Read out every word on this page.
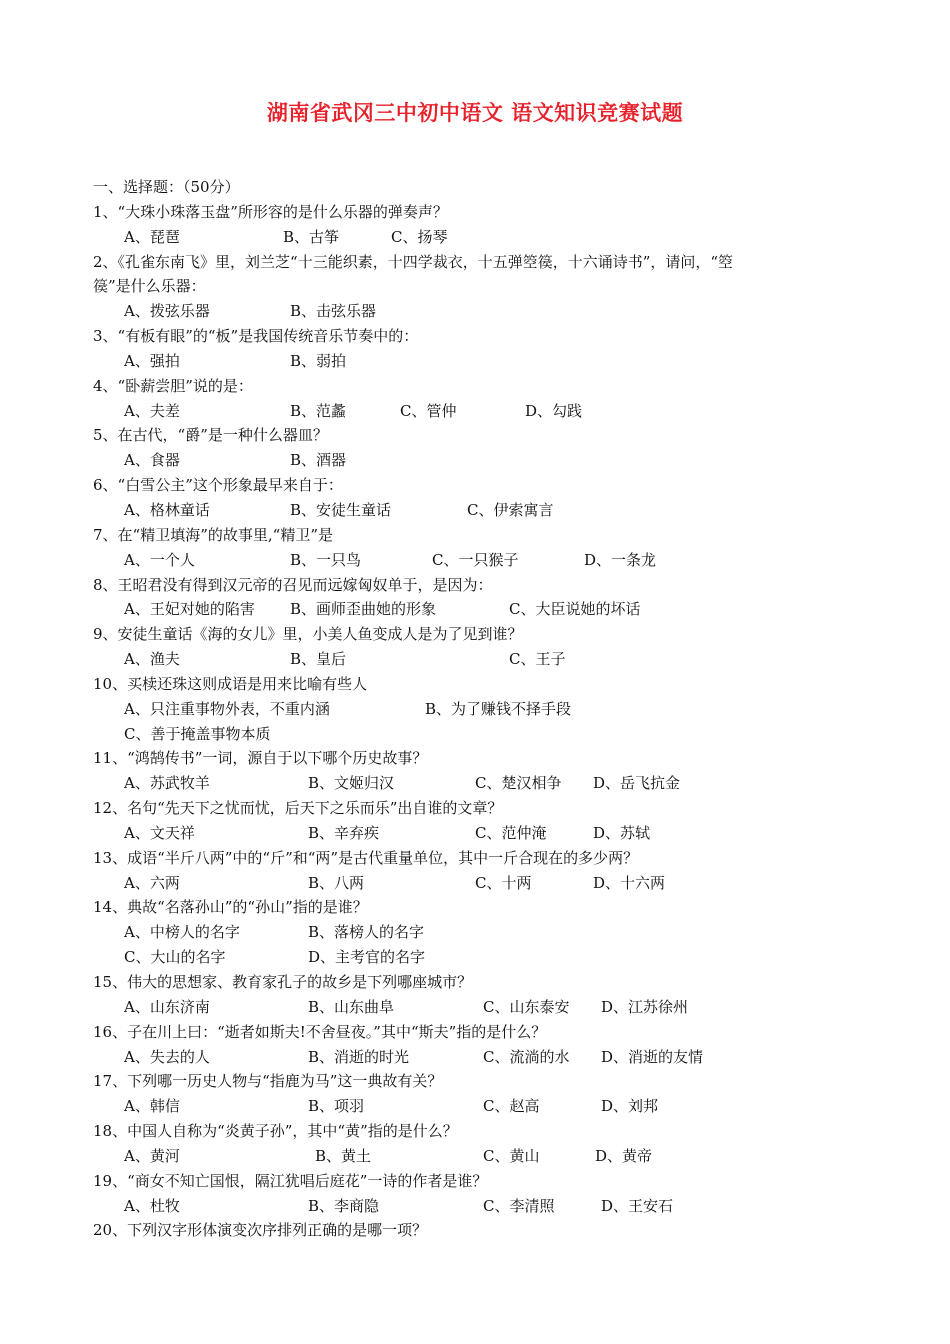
湖南省武冈三中初中语文 语文知识竞赛试题
一、选择题：（50分）
1、“大珠小珠落玉盘”所形容的是什么乐器的弹奏声？
A、琵琶	B、古筝	C、扬琴
2、《孔雀东南飞》里，刘兰芝“十三能织素，十四学裁衣，十五弹箜篌，十六诵诗书”，请问，“箜
篌”是什么乐器：
A、拨弦乐器	B、击弦乐器
3、“有板有眼”的“板”是我国传统音乐节奏中的：
A、强拍	B、弱拍
4、“卧薪尝胆”说的是：
A、夫差	B、范蠡	C、管仲	D、勾践
5、在古代，“爵”是一种什么器皿？
A、食器	B、酒器
6、“白雪公主”这个形象最早来自于：
A、格林童话	B、安徒生童话	C、伊索寓言
7、在“精卫填海”的故事里,“精卫”是
A、一个人	B、一只鸟	C、一只猴子	D、一条龙
8、王昭君没有得到汉元帝的召见而远嫁匈奴单于，是因为：
A、王妃对她的陷害 B、画师歪曲她的形象	C、大臣说她的坏话
9、安徒生童话《海的女儿》里，小美人鱼变成人是为了见到谁？
A、渔夫	B、皇后	C、王子
10、买椟还珠这则成语是用来比喻有些人
A、只注重事物外表，不重内涵	B、为了赚钱不择手段
C、善于掩盖事物本质
11、“鸿鹄传书”一词，源自于以下哪个历史故事？
A、苏武牧羊	B、文姬归汉	C、楚汉相争 D、岳飞抗金
12、名句“先天下之忧而忧，后天下之乐而乐”出自谁的文章？
A、文天祥	B、辛弃疾	C、范仲淹	D、苏轼
13、成语“半斤八两”中的“斤”和“两”是古代重量单位，其中一斤合现在的多少两？
A、六两	B、八两	C、十两	D、十六两
14、典故“名落孙山”的“孙山”指的是谁？
A、中榜人的名字	B、落榜人的名字
C、大山的名字	D、主考官的名字
15、伟大的思想家、教育家孔子的故乡是下列哪座城市？
A、山东济南	B、山东曲阜	C、山东泰安 D、江苏徐州
16、子在川上曰：“逝者如斯夫!不舍昼夜。”其中“斯夫”指的是什么？
A、失去的人	B、消逝的时光	C、流淌的水 D、消逝的友情
17、下列哪一历史人物与“指鹿为马”这一典故有关？
A、韩信	B、项羽	C、赵高	D、刘邦
18、中国人自称为“炎黄子孙”，其中“黄”指的是什么？
A、黄河	B、黄土	C、黄山	D、黄帝
19、“商女不知亡国恨，隔江犹唱后庭花”一诗的作者是谁？
A、杜牧	B、李商隐	C、李清照	D、王安石
20、下列汉字形体演变次序排列正确的是哪一项？
